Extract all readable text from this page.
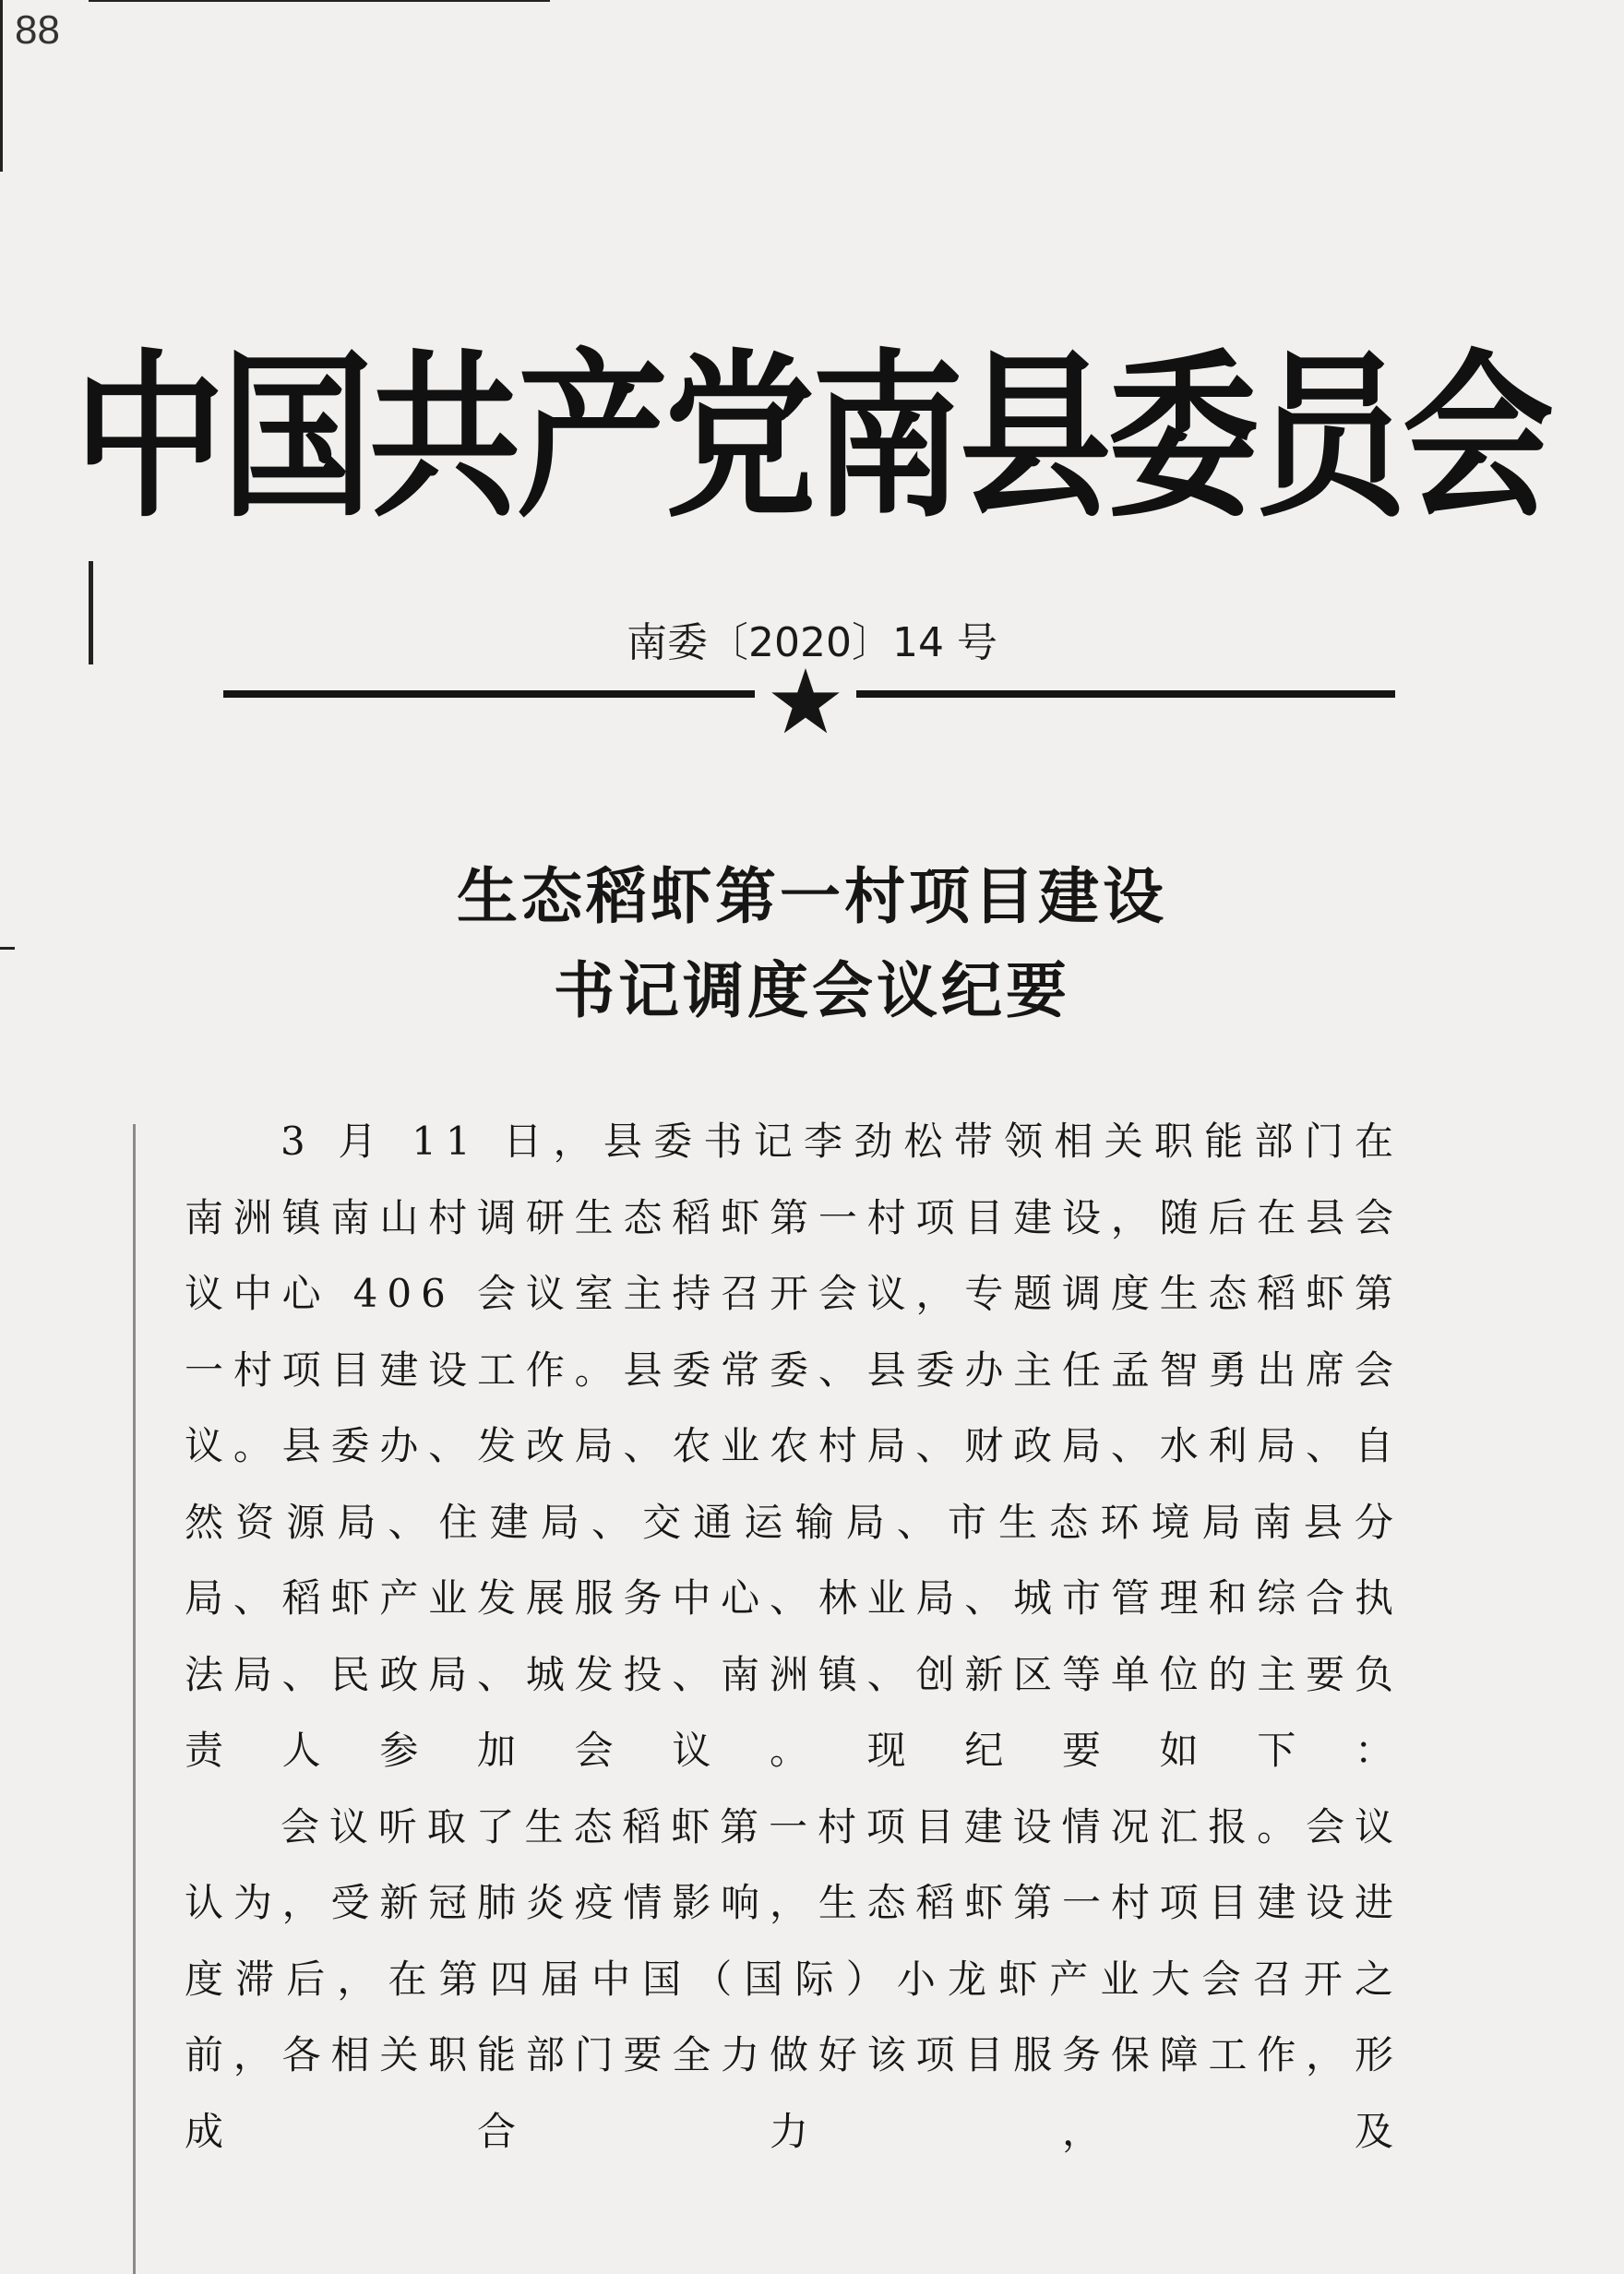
88
中国共产党南县委员会
南委〔2020〕14 号
生态稻虾第一村项目建设
书记调度会议纪要

3 月 11 日，县委书记李劲松带领相关职能部门在南洲镇南山村调研生态稻虾第一村项目建设，随后在县会议中心 406 会议室主持召开会议，专题调度生态稻虾第一村项目建设工作。县委常委、县委办主任孟智勇出席会议。县委办、发改局、农业农村局、财政局、水利局、自然资源局、住建局、交通运输局、市生态环境局南县分局、稻虾产业发展服务中心、林业局、城市管理和综合执法局、民政局、城发投、南洲镇、创新区等单位的主要负责人参加会议。现纪要如下：

会议听取了生态稻虾第一村项目建设情况汇报。会议认为，受新冠肺炎疫情影响，生态稻虾第一村项目建设进度滞后，在第四届中国（国际）小龙虾产业大会召开之前，各相关职能部门要全力做好该项目服务保障工作，形成合力，及
